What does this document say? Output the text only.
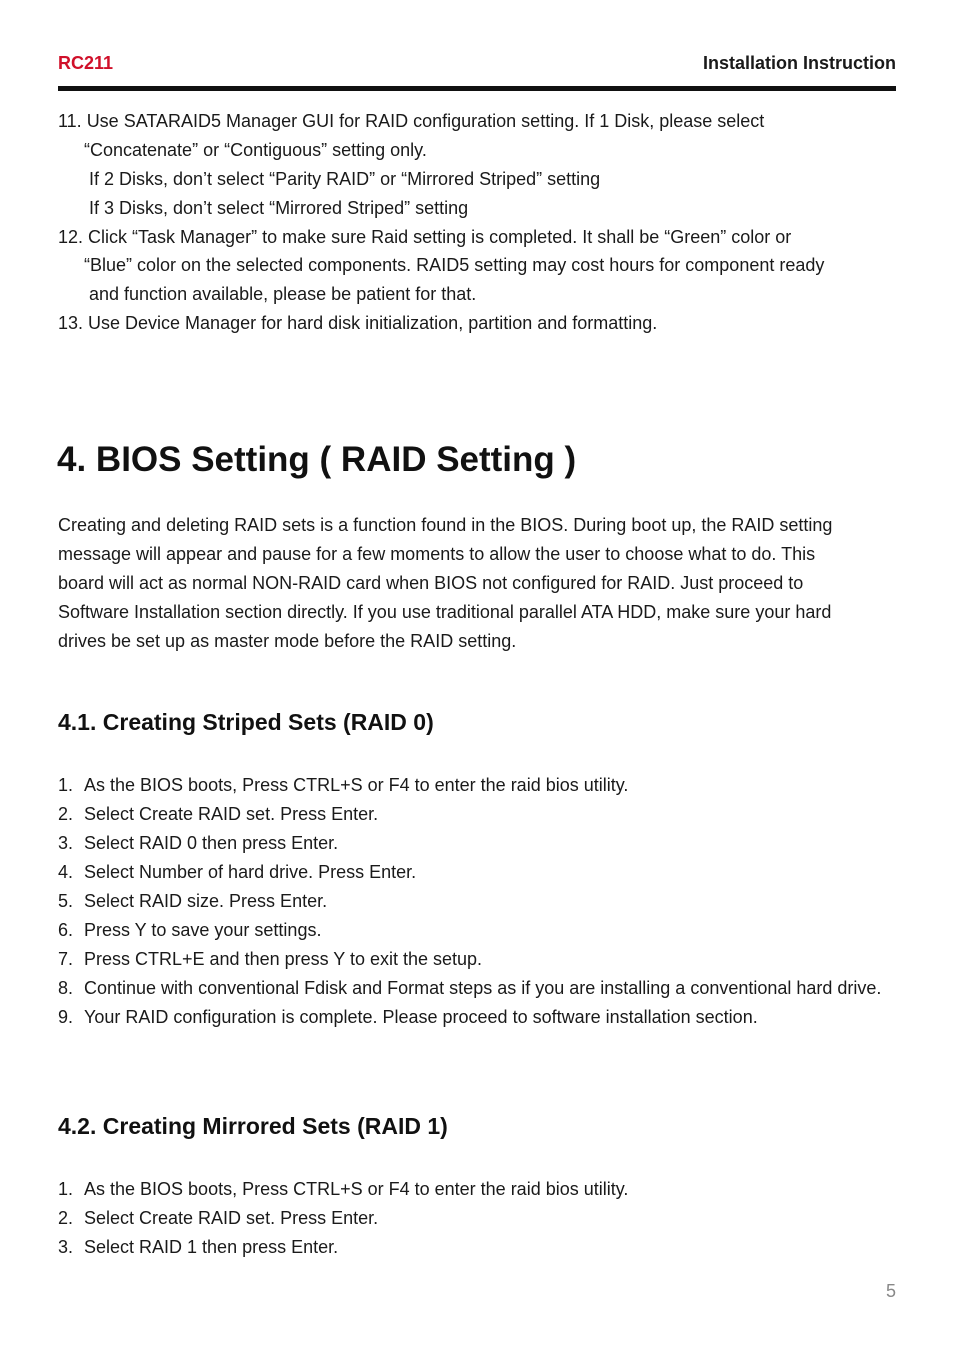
RC211	Installation Instruction
11. Use SATARAID5 Manager GUI for RAID configuration setting. If 1 Disk, please select
“Concatenate” or “Contiguous” setting only.
If 2 Disks, don’t select “Parity RAID” or “Mirrored Striped” setting
If 3 Disks, don’t select “Mirrored Striped” setting
12. Click “Task Manager” to make sure Raid setting is completed. It shall be “Green” color or
“Blue” color on the selected components. RAID5 setting may cost hours for component ready
and function available, please be patient for that.
13. Use Device Manager for hard disk initialization, partition and formatting.
4. BIOS Setting ( RAID Setting )
Creating and deleting RAID sets is a function found in the BIOS. During boot up, the RAID setting
message will appear and pause for a few moments to allow the user to choose what to do. This
board will act as normal NON-RAID card when BIOS not configured for RAID. Just proceed to
Software Installation section directly. If you use traditional parallel ATA HDD, make sure your hard
drives be set up as master mode before the RAID setting.
4.1. Creating Striped Sets (RAID 0)
1. As the BIOS boots, Press CTRL+S or F4 to enter the raid bios utility.
2. Select Create RAID set. Press Enter.
3. Select RAID 0 then press Enter.
4. Select Number of hard drive. Press Enter.
5. Select RAID size. Press Enter.
6. Press Y to save your settings.
7. Press CTRL+E and then press Y to exit the setup.
8. Continue with conventional Fdisk and Format steps as if you are installing a conventional hard drive.
9. Your RAID configuration is complete. Please proceed to software installation section.
4.2. Creating Mirrored Sets (RAID 1)
1. As the BIOS boots, Press CTRL+S or F4 to enter the raid bios utility.
2. Select Create RAID set. Press Enter.
3. Select RAID 1 then press Enter.
5
